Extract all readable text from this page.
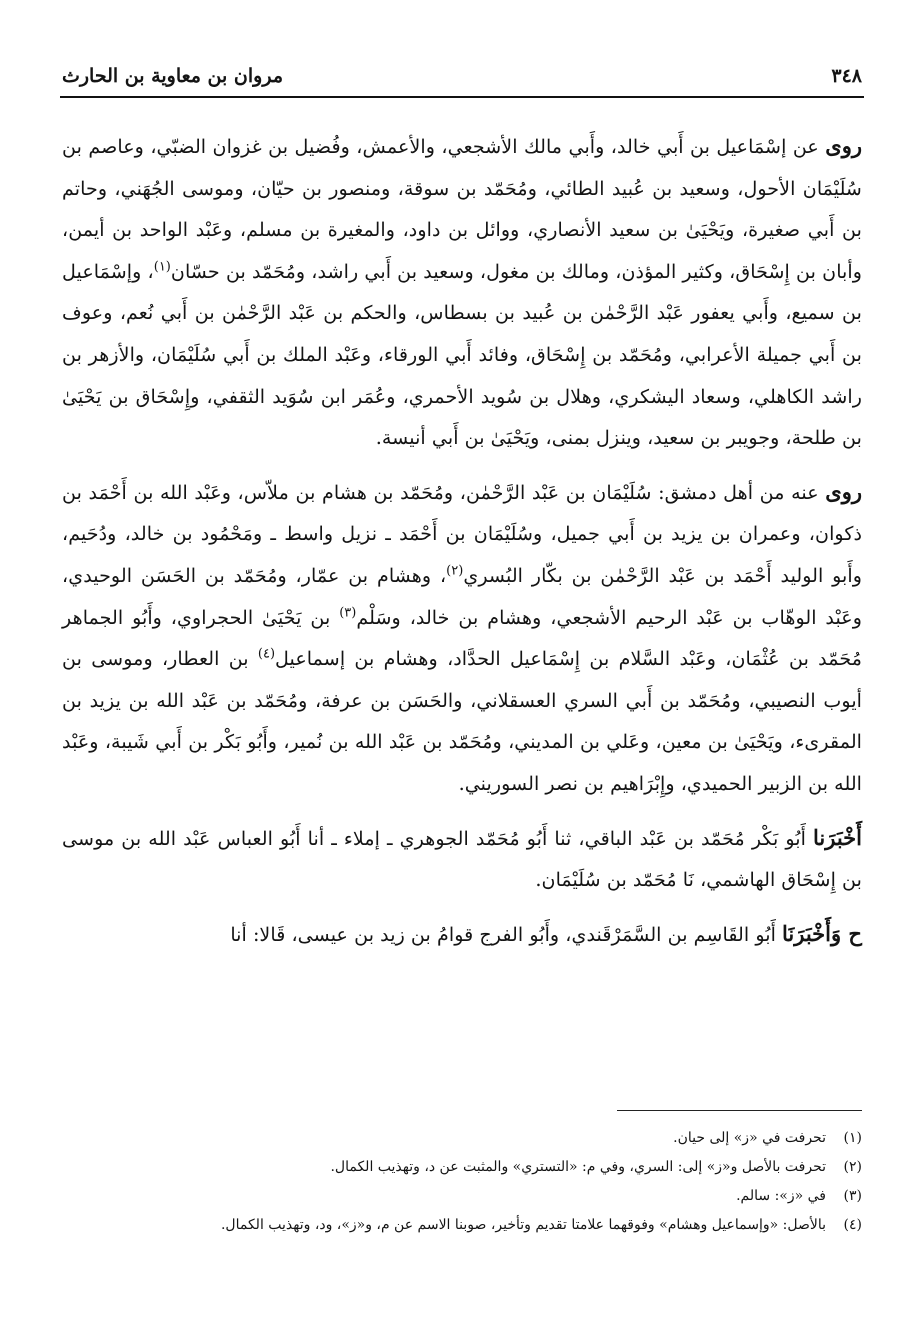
٣٤٨
مروان بن معاوية بن الحارث

روى عن إسْمَاعيل بن أَبي خالد، وأَبي مالك الأشجعي، والأعمش، وفُضيل بن غزوان الضبّي، وعاصم بن سُلَيْمَان الأحول، وسعيد بن عُبيد الطائي، ومُحَمّد بن سوقة، ومنصور بن حيّان، وموسى الجُهَني، وحاتم بن أَبي صغيرة، ويَحْيَىٰ بن سعيد الأنصاري، ووائل بن داود، والمغيرة بن مسلم، وعَبْد الواحد بن أيمن، وأبان بن إِسْحَاق، وكثير المؤذن، ومالك بن مغول، وسعيد بن أَبي راشد، ومُحَمّد بن حسّان$^{(١)}$، وإسْمَاعيل بن سميع، وأَبي يعفور عَبْد الرَّحْمٰن بن عُبيد بن بسطاس، والحكم بن عَبْد الرَّحْمٰن بن أَبي نُعم، وعوف بن أَبي جميلة الأعرابي، ومُحَمّد بن إِسْحَاق، وفائد أَبي الورقاء، وعَبْد الملك بن أَبي سُلَيْمَان، والأزهر بن راشد الكاهلي، وسعاد اليشكري، وهلال بن سُويد الأحمري، وعُمَر ابن سُوَيد الثقفي، وإِسْحَاق بن يَحْيَىٰ بن طلحة، وجويبر بن سعيد، وينزل بمنى، ويَحْيَىٰ بن أَبي أنيسة.

روى عنه من أهل دمشق: سُلَيْمَان بن عَبْد الرَّحْمٰن، ومُحَمّد بن هشام بن ملاّس، وعَبْد الله بن أَحْمَد بن ذكوان، وعمران بن يزيد بن أَبي جميل، وسُلَيْمَان بن أَحْمَد ـ نزيل واسط ـ ومَحْمُود بن خالد، ودُحَيم، وأَبو الوليد أَحْمَد بن عَبْد الرَّحْمٰن بن بكّار البُسري$^{(٢)}$، وهشام بن عمّار، ومُحَمّد بن الحَسَن الوحيدي، وعَبْد الوهّاب بن عَبْد الرحيم الأشجعي، وهشام بن خالد، وسَلْم$^{(٣)}$ بن يَحْيَىٰ الحجراوي، وأَبُو الجماهر مُحَمّد بن عُثْمَان، وعَبْد السَّلام بن إِسْمَاعيل الحدَّاد، وهشام بن إسماعيل$^{(٤)}$ بن العطار، وموسى بن أيوب النصيبي، ومُحَمّد بن أَبي السري العسقلاني، والحَسَن بن عرفة، ومُحَمّد بن عَبْد الله بن يزيد بن المقرىء، ويَحْيَىٰ بن معين، وعَلي بن المديني، ومُحَمّد بن عَبْد الله بن نُمير، وأَبُو بَكْر بن أَبي شَيبة، وعَبْد الله بن الزبير الحميدي، وإِبْرَاهيم بن نصر السوريني.

أَخْبَرَنا أَبُو بَكْر مُحَمّد بن عَبْد الباقي، ثنا أَبُو مُحَمّد الجوهري ـ إملاء ـ أنا أَبُو العباس عَبْد الله بن موسى بن إِسْحَاق الهاشمي، نَا مُحَمّد بن سُلَيْمَان.

ح وَأَخْبَرَنَا أَبُو القَاسِم بن السَّمَرْقَندي، وأَبُو الفرج قوامُ بن زيد بن عيسى، قَالا: أنا

(١)
تحرفت في «ز» إلى حيان.
(٢)
تحرفت بالأصل و«ز» إلى: السري، وفي م: «التستري» والمثبت عن د، وتهذيب الكمال.
(٣)
في «ز»: سالم.
(٤)
بالأصل: «وإسماعيل وهشام» وفوقهما علامتا تقديم وتأخير، صوبنا الاسم عن م، و«ز»، ود، وتهذيب الكمال.
